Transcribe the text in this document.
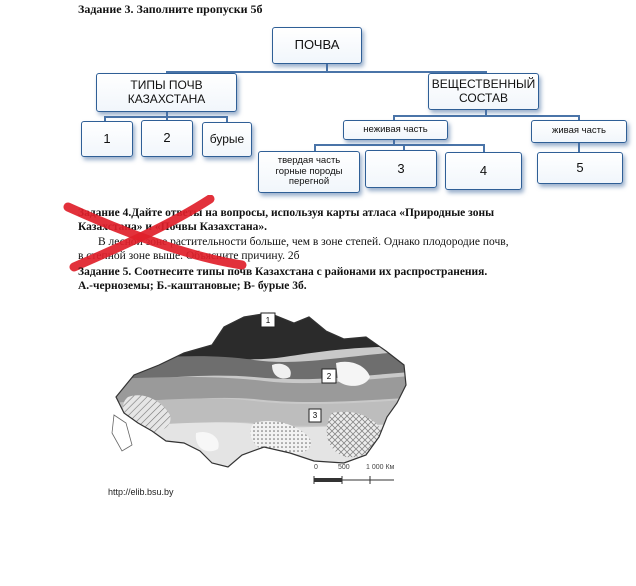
Задание 3. Заполните пропуски 5б
ПОЧВА
ТИПЫ ПОЧВ КАЗАХСТАНА
ВЕЩЕСТВЕННЫЙ СОСТАВ
1	2	бурые
неживая часть	живая часть
твердая часть горные породы перегной
3	4	5
Задание 4.Дайте ответы на вопросы, используя карты атласа «Природные зоны
Казахстана» и «Почвы Казахстана».
В лесной зоне растительности больше, чем в зоне степей. Однако плодородие почв,
в степной зоне выше. Объясните причину. 2б
Задание 5. Соотнесите типы почв Казахстана с районами их распространения.
А.-черноземы; Б.-каштановые; В- бурые 3б.
1
2
3
0	500 1 000 Км
http://elib.bsu.by
